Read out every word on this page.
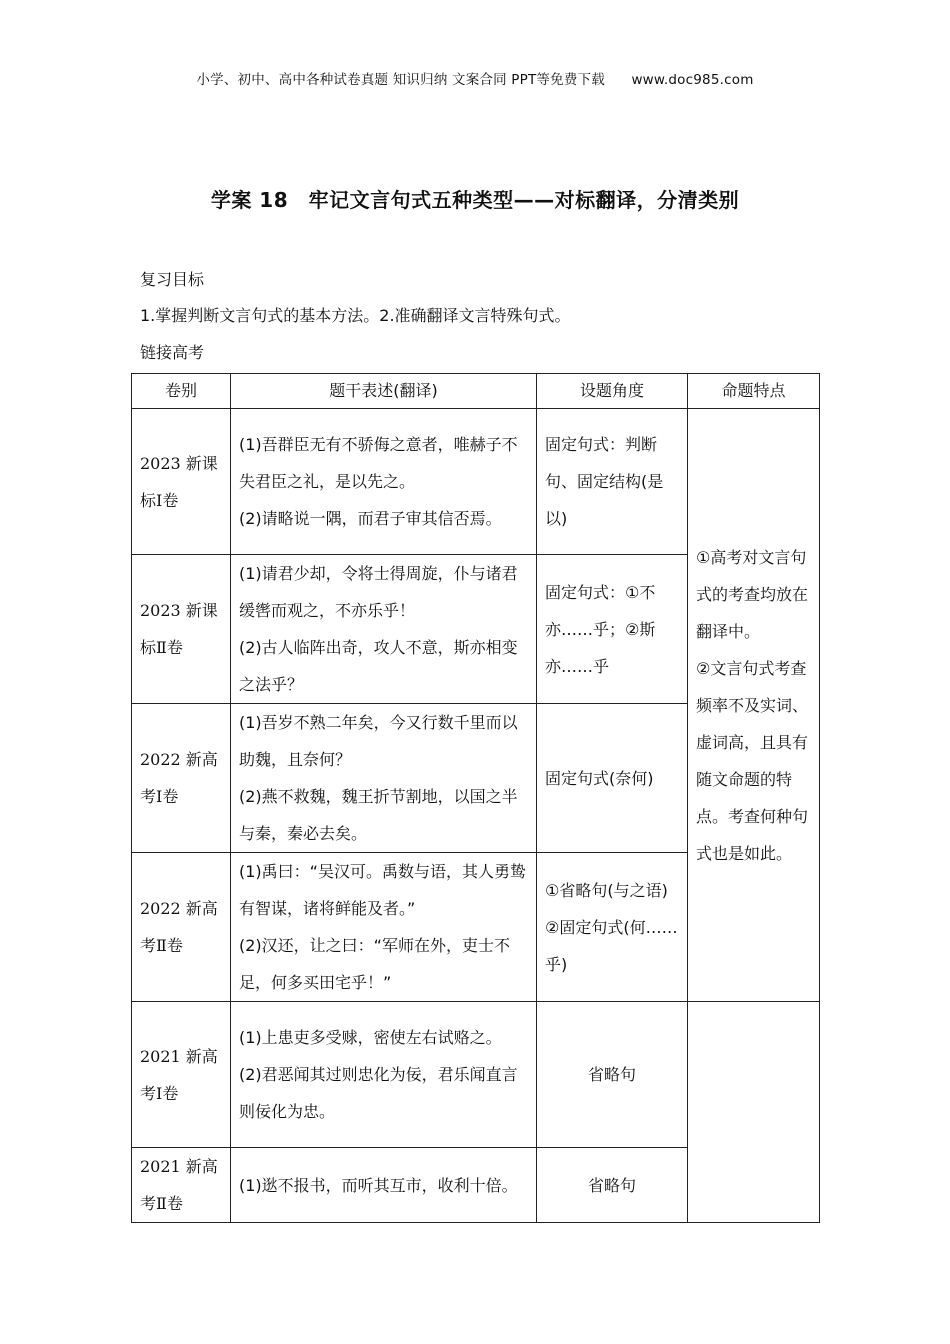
小学、初中、高中各种试卷真题 知识归纳 文案合同 PPT等免费下载 www.doc985.com
学案 18　牢记文言句式五种类型——对标翻译，分清类别
复习目标
1.掌握判断文言句式的基本方法。2.准确翻译文言特殊句式。
链接高考
卷别	题干表述(翻译)	设题角度	命题特点
2023 新课标Ⅰ卷	(1)吾群臣无有不骄侮之意者，唯赫子不失君臣之礼，是以先之。
(2)请略说一隅，而君子审其信否焉。	固定句式：判断句、固定结构(是以)	①高考对文言句式的考查均放在翻译中。
②文言句式考查频率不及实词、虚词高，且具有随文命题的特点。考查何种句式也是如此。

2023 新课标Ⅱ卷	(1)请君少却，令将士得周旋，仆与诸君缓辔而观之，不亦乐乎！
(2)古人临阵出奇，攻人不意，斯亦相变之法乎？	固定句式：①不亦……乎；②斯亦……乎	
2022 新高考Ⅰ卷	(1)吾岁不熟二年矣，今又行数千里而以助魏，且奈何？
(2)燕不救魏，魏王折节割地，以国之半与秦，秦必去矣。	固定句式(奈何)	
2022 新高考Ⅱ卷	(1)禹曰：“吴汉可。禹数与语，其人勇鸷有智谋，诸将鲜能及者。”
(2)汉还，让之曰：“军师在外，吏士不足，何多买田宅乎！”	①省略句(与之语)
②固定句式(何……乎)	

2021 新高考Ⅰ卷	(1)上患吏多受赇，密使左右试赂之。
(2)君恶闻其过则忠化为佞，君乐闻直言则佞化为忠。	省略句	
2021 新高考Ⅱ卷	(1)逖不报书，而听其互市，收利十倍。	省略句	
